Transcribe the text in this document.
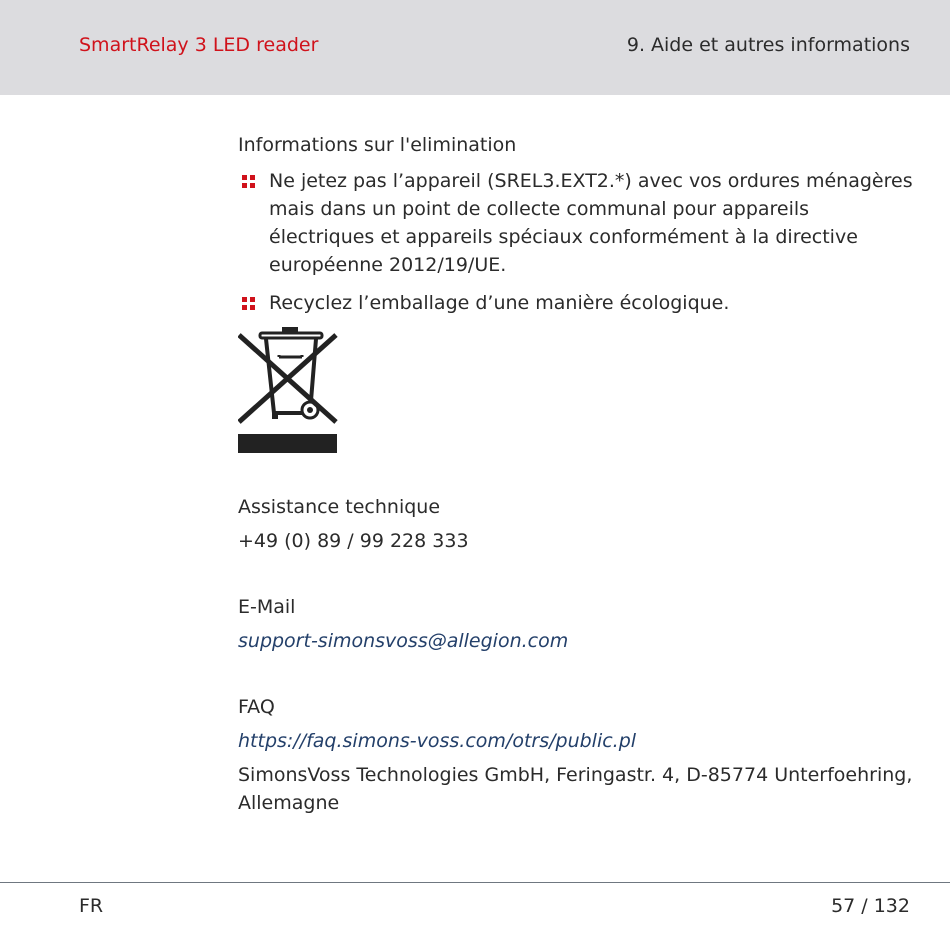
SmartRelay 3 LED reader	9. Aide et autres informations

Informations sur l'elimination

Ne jetez pas l’appareil (SREL3.EXT2.*) avec vos ordures ménagères mais dans un point de collecte communal pour appareils électriques et appareils spéciaux conformément à la directive européenne 2012/19/UE.
Recyclez l’emballage d’une manière écologique.
Assistance technique
+49 (0) 89 / 99 228 333
E-Mail
support-simonsvoss@allegion.com
FAQ
https://faq.simons-voss.com/otrs/public.pl
SimonsVoss Technologies GmbH, Feringastr. 4, D-85774 Unterfoehring, Allemagne
FR	57 / 132
